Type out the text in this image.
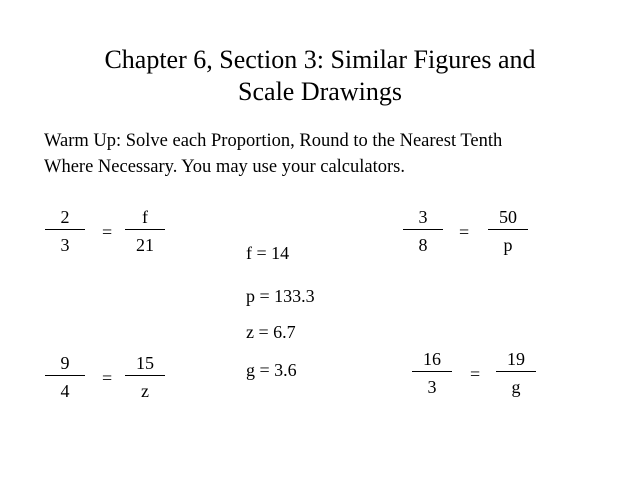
Chapter 6, Section 3: Similar Figures and
Scale Drawings
Warm Up: Solve each Proportion, Round to the Nearest Tenth
Where Necessary. You may use your calculators.
2
3
=
f
21
3
8
=
50
p
9
4
=
15
z
16
3
=
19
g
f = 14
p = 133.3
z = 6.7
g = 3.6
